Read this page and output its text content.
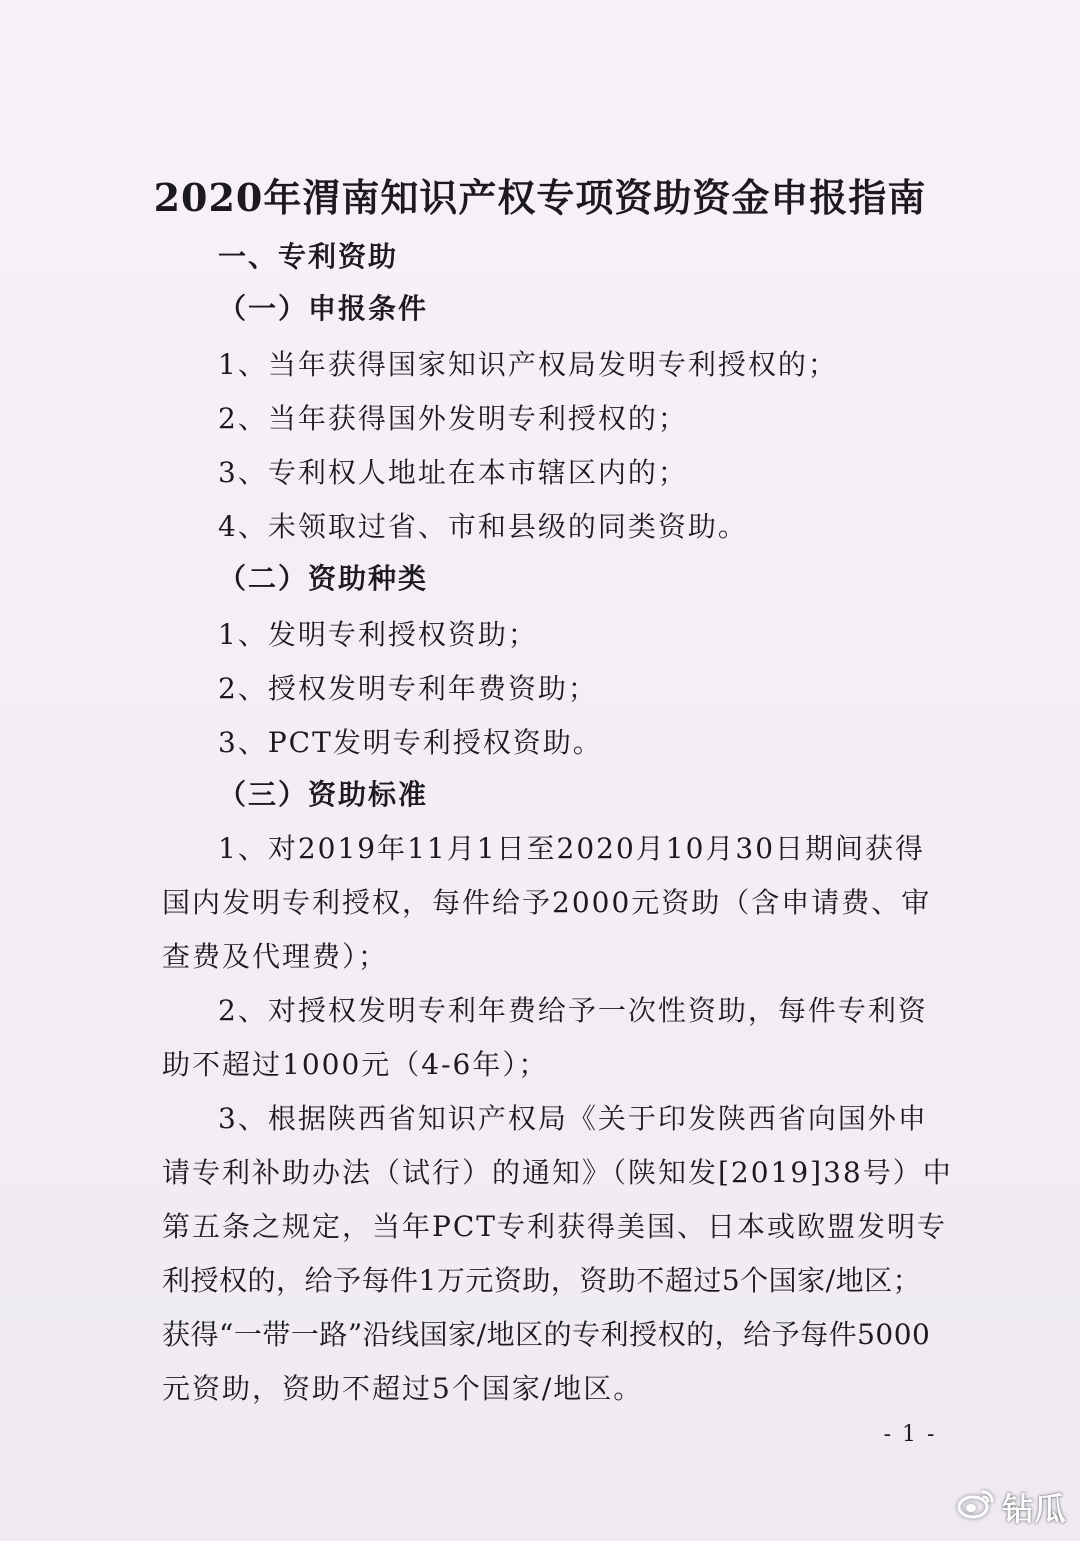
2020年渭南知识产权专项资助资金申报指南
一、专利资助
（一）申报条件
1、当年获得国家知识产权局发明专利授权的；
2、当年获得国外发明专利授权的；
3、专利权人地址在本市辖区内的；
4、未领取过省、市和县级的同类资助。
（二）资助种类
1、发明专利授权资助；
2、授权发明专利年费资助；
3、PCT发明专利授权资助。
（三）资助标准
1、对2019年11月1日至2020月10月30日期间获得
国内发明专利授权，每件给予2000元资助（含申请费、审
查费及代理费）；
2、对授权发明专利年费给予一次性资助，每件专利资
助不超过1000元（4-6年）；
3、根据陕西省知识产权局《关于印发陕西省向国外申
请专利补助办法（试行）的通知》（陕知发[2019]38号）中
第五条之规定，当年PCT专利获得美国、日本或欧盟发明专
利授权的，给予每件1万元资助，资助不超过5个国家/地区；
获得“一带一路”沿线国家/地区的专利授权的，给予每件5000
元资助，资助不超过5个国家/地区。
- 1 -
钻瓜
